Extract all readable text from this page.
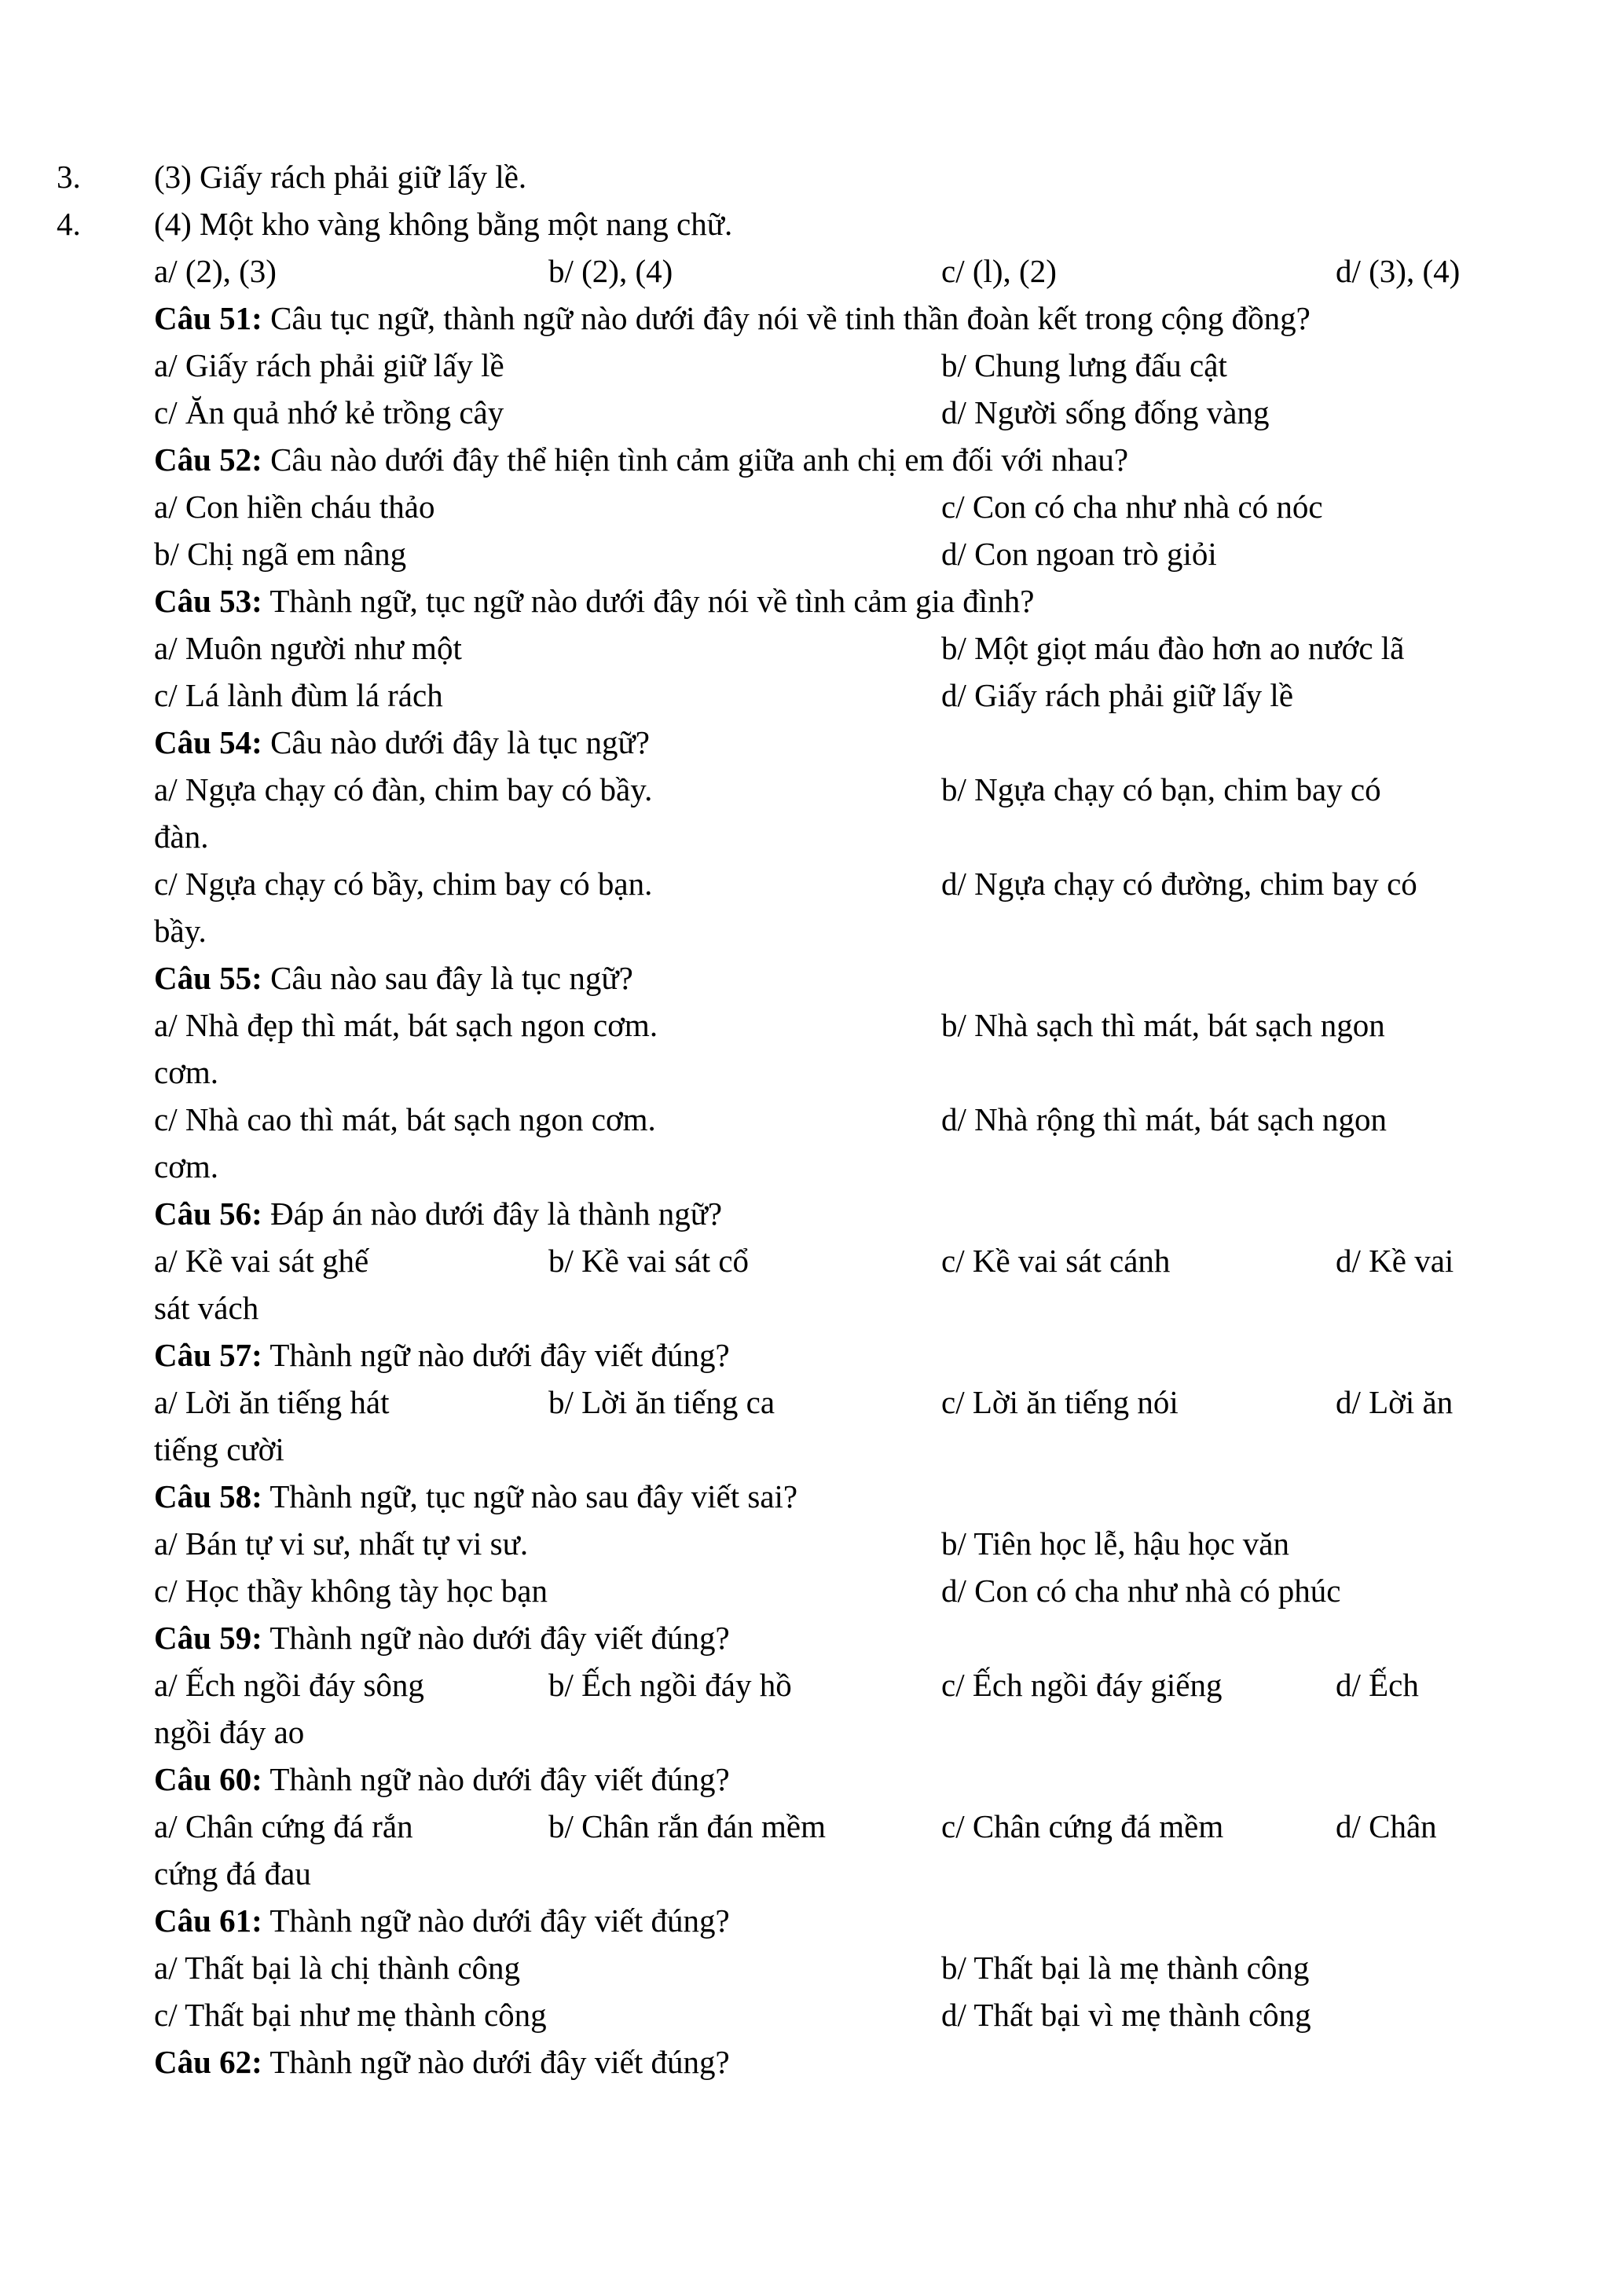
3. (3) Giấy rách phải giữ lấy lề.
4. (4) Một kho vàng không bằng một nang chữ.
a/ (2), (3)	b/ (2), (4)	c/ (l), (2)	d/ (3), (4)

Câu 51: Câu tục ngữ, thành ngữ nào dưới đây nói về tinh thần đoàn kết trong cộng đồng?

a/ Giấy rách phải giữ lấy lề	b/ Chung lưng đấu cật
c/ Ăn quả nhớ kẻ trồng cây	d/ Người sống đống vàng

Câu 52: Câu nào dưới đây thể hiện tình cảm giữa anh chị em đối với nhau?

a/ Con hiền cháu thảo	c/ Con có cha như nhà có nóc
b/ Chị ngã em nâng	d/ Con ngoan trò giỏi

Câu 53: Thành ngữ, tục ngữ nào dưới đây nói về tình cảm gia đình?

a/ Muôn người như một	b/ Một giọt máu đào hơn ao nước lã
c/ Lá lành đùm lá rách	d/ Giấy rách phải giữ lấy lề

Câu 54: Câu nào dưới đây là tục ngữ?

a/ Ngựa chạy có đàn, chim bay có bầy.	b/ Ngựa chạy có bạn, chim bay có
đàn.
c/ Ngựa chạy có bầy, chim bay có bạn.	d/ Ngựa chạy có đường, chim bay có
bầy.

Câu 55: Câu nào sau đây là tục ngữ?

a/ Nhà đẹp thì mát, bát sạch ngon cơm.	b/ Nhà sạch thì mát, bát sạch ngon
cơm.
c/ Nhà cao thì mát, bát sạch ngon cơm.	d/ Nhà rộng thì mát, bát sạch ngon
cơm.

Câu 56: Đáp án nào dưới đây là thành ngữ?

a/ Kề vai sát ghế	b/ Kề vai sát cổ	c/ Kề vai sát cánh	d/ Kề vai
sát vách

Câu 57: Thành ngữ nào dưới đây viết đúng?

a/ Lời ăn tiếng hát	b/ Lời ăn tiếng ca	c/ Lời ăn tiếng nói	d/ Lời ăn
tiếng cười

Câu 58: Thành ngữ, tục ngữ nào sau đây viết sai?

a/ Bán tự vi sư, nhất tự vi sư.	b/ Tiên học lễ, hậu học văn
c/ Học thầy không tày học bạn	d/ Con có cha như nhà có phúc

Câu 59: Thành ngữ nào dưới đây viết đúng?

a/ Ếch ngồi đáy sông	b/ Ếch ngồi đáy hồ	c/ Ếch ngồi đáy giếng	d/ Ếch
ngồi đáy ao

Câu 60: Thành ngữ nào dưới đây viết đúng?

a/ Chân cứng đá rắn	b/ Chân rắn đán mềm	c/ Chân cứng đá mềm	d/ Chân
cứng đá đau

Câu 61: Thành ngữ nào dưới đây viết đúng?

a/ Thất bại là chị thành công	b/ Thất bại là mẹ thành công
c/ Thất bại như mẹ thành công	d/ Thất bại vì mẹ thành công

Câu 62: Thành ngữ nào dưới đây viết đúng?
